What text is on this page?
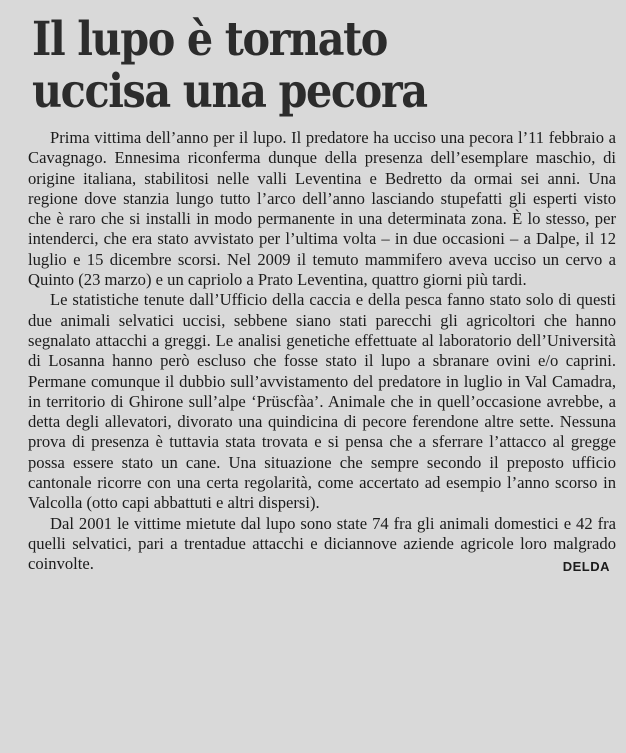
Il lupo è tornato
uccisa una pecora

Prima vittima dell’anno per il lupo. Il predatore ha ucciso una pecora l’11 febbraio a Cavagnago. Ennesima riconferma dunque della presenza dell’esemplare maschio, di origine italiana, stabilitosi nelle valli Leventina e Bedretto da ormai sei anni. Una regione dove stanzia lungo tutto l’arco dell’anno lasciando stupefatti gli esperti visto che è raro che si installi in modo permanente in una determinata zona. È lo stesso, per intenderci, che era stato avvistato per l’ultima volta – in due occasioni – a Dalpe, il 12 luglio e 15 dicembre scorsi. Nel 2009 il temuto mammifero aveva ucciso un cervo a Quinto (23 marzo) e un capriolo a Prato Leventina, quattro giorni più tardi.

Le statistiche tenute dall’Ufficio della caccia e della pesca fanno stato solo di questi due animali selvatici uccisi, sebbene siano stati parecchi gli agricoltori che hanno segnalato attacchi a greggi. Le analisi genetiche effettuate al laboratorio dell’Università di Losanna hanno però escluso che fosse stato il lupo a sbranare ovini e/o caprini. Permane comunque il dubbio sull’avvistamento del predatore in luglio in Val Camadra, in territorio di Ghirone sull’alpe ‘Prüscfàa’. Animale che in quell’occasione avrebbe, a detta degli allevatori, divorato una quindicina di pecore ferendone altre sette. Nessuna prova di presenza è tuttavia stata trovata e si pensa che a sferrare l’attacco al gregge possa essere stato un cane. Una situazione che sempre secondo il preposto ufficio cantonale ricorre con una certa regolarità, come accertato ad esempio l’anno scorso in Valcolla (otto capi abbattuti e altri dispersi).

Dal 2001 le vittime mietute dal lupo sono state 74 fra gli animali domestici e 42 fra quelli selvatici, pari a trentadue attacchi e diciannove aziende agricole loro malgrado coinvolte.	DELDA
